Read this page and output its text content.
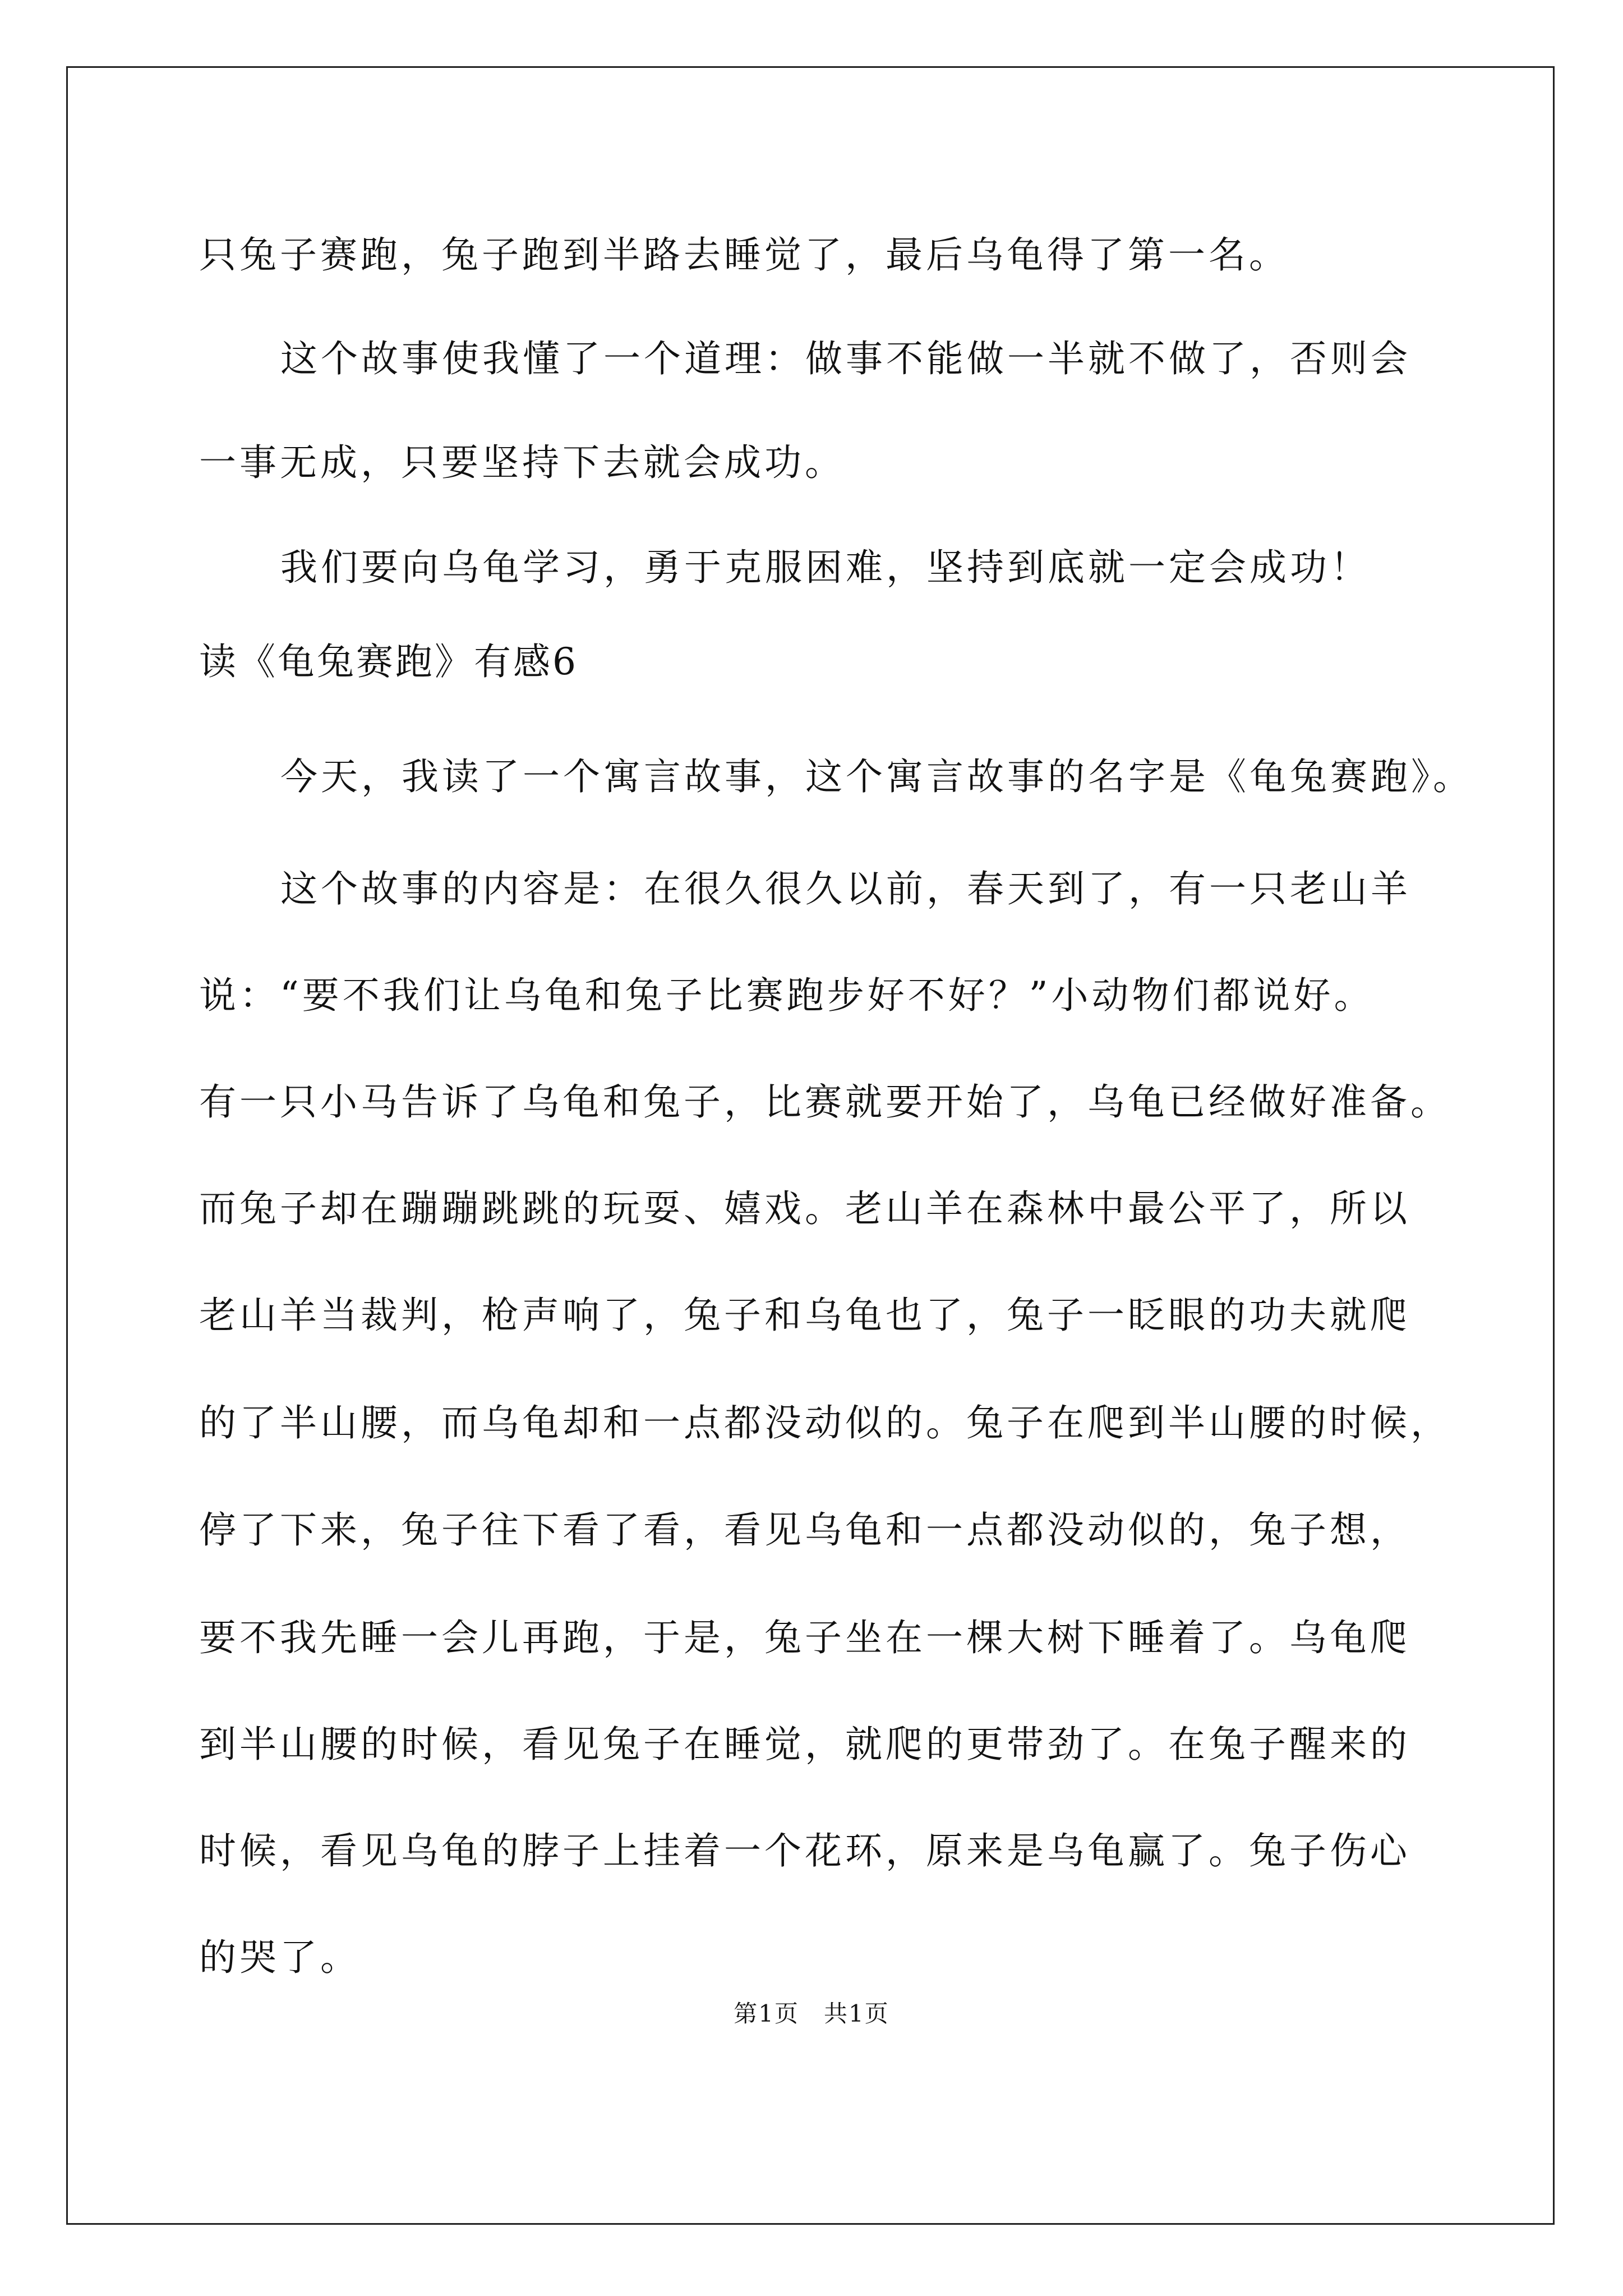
只兔子赛跑，兔子跑到半路去睡觉了，最后乌龟得了第一名。
这个故事使我懂了一个道理：做事不能做一半就不做了，否则会
一事无成，只要坚持下去就会成功。
我们要向乌龟学习，勇于克服困难，坚持到底就一定会成功！
读《龟兔赛跑》有感6
今天，我读了一个寓言故事，这个寓言故事的名字是《龟兔赛跑》。
这个故事的内容是：在很久很久以前，春天到了，有一只老山羊
说：“要不我们让乌龟和兔子比赛跑步好不好？”小动物们都说好。
有一只小马告诉了乌龟和兔子，比赛就要开始了，乌龟已经做好准备。
而兔子却在蹦蹦跳跳的玩耍、嬉戏。老山羊在森林中最公平了，所以
老山羊当裁判，枪声响了，兔子和乌龟也了，兔子一眨眼的功夫就爬
的了半山腰，而乌龟却和一点都没动似的。兔子在爬到半山腰的时候，
停了下来，兔子往下看了看，看见乌龟和一点都没动似的，兔子想，
要不我先睡一会儿再跑，于是，兔子坐在一棵大树下睡着了。乌龟爬
到半山腰的时候，看见兔子在睡觉，就爬的更带劲了。在兔子醒来的
时候，看见乌龟的脖子上挂着一个花环，原来是乌龟赢了。兔子伤心
的哭了。
第1页　共1页
